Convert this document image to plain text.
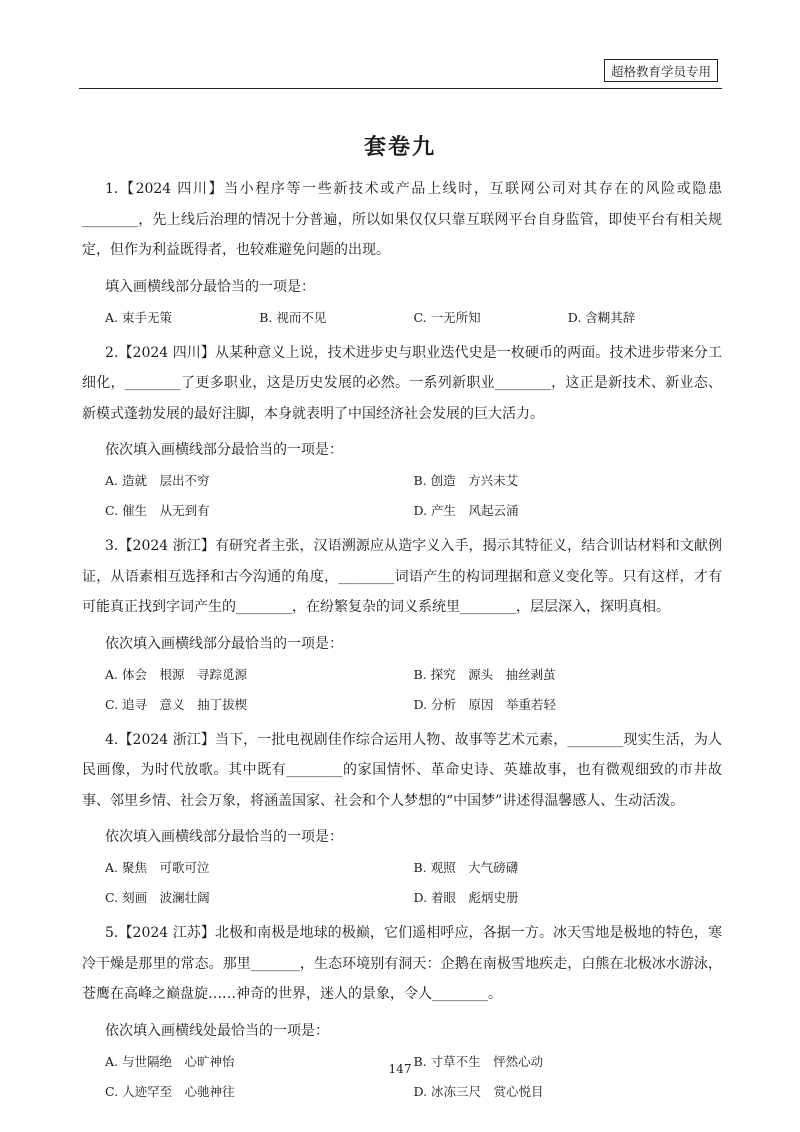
超格教育学员专用
套卷九

1.【2024 四川】当小程序等一些新技术或产品上线时，互联网公司对其存在的风险或隐患________，先上线后治理的情况十分普遍，所以如果仅仅只靠互联网平台自身监管，即使平台有相关规定，但作为利益既得者，也较难避免问题的出现。

填入画横线部分最恰当的一项是：

A. 束手无策	B. 视而不见	C. 一无所知	D. 含糊其辞

2.【2024 四川】从某种意义上说，技术进步史与职业迭代史是一枚硬币的两面。技术进步带来分工细化，________了更多职业，这是历史发展的必然。一系列新职业________，这正是新技术、新业态、新模式蓬勃发展的最好注脚，本身就表明了中国经济社会发展的巨大活力。

依次填入画横线部分最恰当的一项是：

A. 造就　层出不穷	B. 创造　方兴未艾
C. 催生　从无到有	D. 产生　风起云涌

3.【2024 浙江】有研究者主张，汉语溯源应从造字义入手，揭示其特征义，结合训诂材料和文献例证，从语素相互选择和古今沟通的角度，________词语产生的构词理据和意义变化等。只有这样，才有可能真正找到字词产生的________，在纷繁复杂的词义系统里________，层层深入，探明真相。

依次填入画横线部分最恰当的一项是：

A. 体会　根源　寻踪觅源	B. 探究　源头　抽丝剥茧
C. 追寻　意义　抽丁拔楔	D. 分析　原因　举重若轻

4.【2024 浙江】当下，一批电视剧佳作综合运用人物、故事等艺术元素，________现实生活，为人民画像，为时代放歌。其中既有________的家国情怀、革命史诗、英雄故事，也有微观细致的市井故事、邻里乡情、社会万象，将涵盖国家、社会和个人梦想的“中国梦”讲述得温馨感人、生动活泼。

依次填入画横线部分最恰当的一项是：

A. 聚焦　可歌可泣	B. 观照　大气磅礴
C. 刻画　波澜壮阔	D. 着眼　彪炳史册

5.【2024 江苏】北极和南极是地球的极巅，它们遥相呼应，各据一方。冰天雪地是极地的特色，寒冷干燥是那里的常态。那里_______，生态环境别有洞天：企鹅在南极雪地疾走，白熊在北极冰水游泳，苍鹰在高峰之巅盘旋……神奇的世界，迷人的景象，令人________。

依次填入画横线处最恰当的一项是：

A. 与世隔绝　心旷神怡	B. 寸草不生　怦然心动
C. 人迹罕至　心驰神往	D. 冰冻三尺　赏心悦目
147
